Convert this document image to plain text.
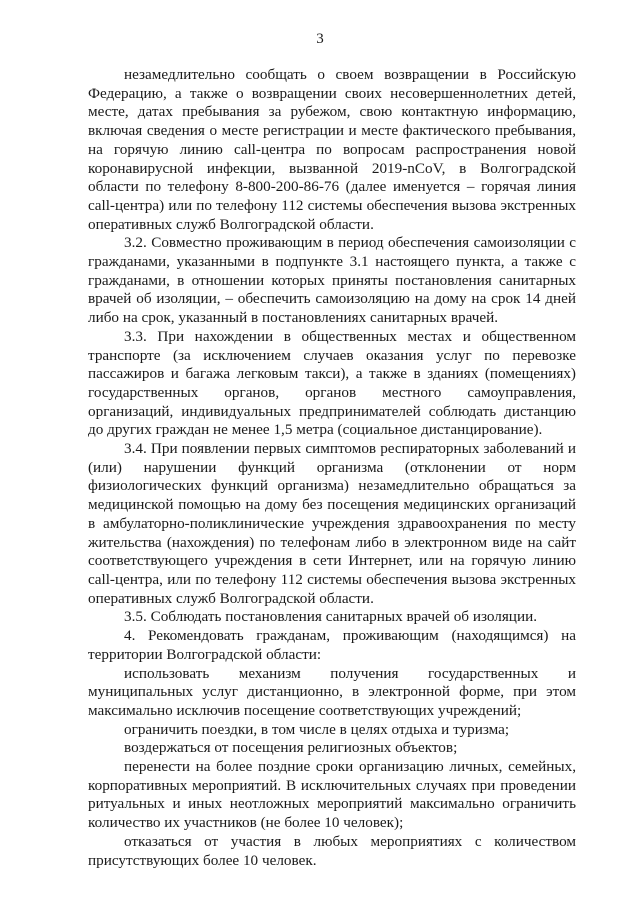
3

незамедлительно сообщать о своем возвращении в Российскую Федерацию, а также о возвращении своих несовершеннолетних детей, месте, датах пребывания за рубежом, свою контактную информацию, включая сведения о месте регистрации и месте фактического пребывания, на горячую линию call-центра по вопросам распространения новой коронавирусной инфекции, вызванной 2019-nCoV, в Волгоградской области по телефону 8-800-200-86-76 (далее именуется – горячая линия call-центра) или по телефону 112 системы обеспечения вызова экстренных оперативных служб Волгоградской области.

3.2. Совместно проживающим в период обеспечения самоизоляции с гражданами, указанными в подпункте 3.1 настоящего пункта, а также с гражданами, в отношении которых приняты постановления санитарных врачей об изоляции, – обеспечить самоизоляцию на дому на срок 14 дней либо на срок, указанный в постановлениях санитарных врачей.

3.3. При нахождении в общественных местах и общественном транспорте (за исключением случаев оказания услуг по перевозке пассажиров и багажа легковым такси), а также в зданиях (помещениях) государственных органов, органов местного самоуправления, организаций, индивидуальных предпринимателей соблюдать дистанцию до других граждан не менее 1,5 метра (социальное дистанцирование).

3.4. При появлении первых симптомов респираторных заболеваний и (или) нарушении функций организма (отклонении от норм физиологических функций организма) незамедлительно обращаться за медицинской помощью на дому без посещения медицинских организаций в амбулаторно-поликлинические учреждения здравоохранения по месту жительства (нахождения) по телефонам либо в электронном виде на сайт соответствующего учреждения в сети Интернет, или на горячую линию call-центра, или по телефону 112 системы обеспечения вызова экстренных оперативных служб Волгоградской области.

3.5. Соблюдать постановления санитарных врачей об изоляции.

4. Рекомендовать гражданам, проживающим (находящимся) на территории Волгоградской области:

использовать механизм получения государственных и муниципальных услуг дистанционно, в электронной форме, при этом максимально исключив посещение соответствующих учреждений;

ограничить поездки, в том числе в целях отдыха и туризма;

воздержаться от посещения религиозных объектов;

перенести на более поздние сроки организацию личных, семейных, корпоративных мероприятий. В исключительных случаях при проведении ритуальных и иных неотложных мероприятий максимально ограничить количество их участников (не более 10 человек);

отказаться от участия в любых мероприятиях с количеством присутствующих более 10 человек.
